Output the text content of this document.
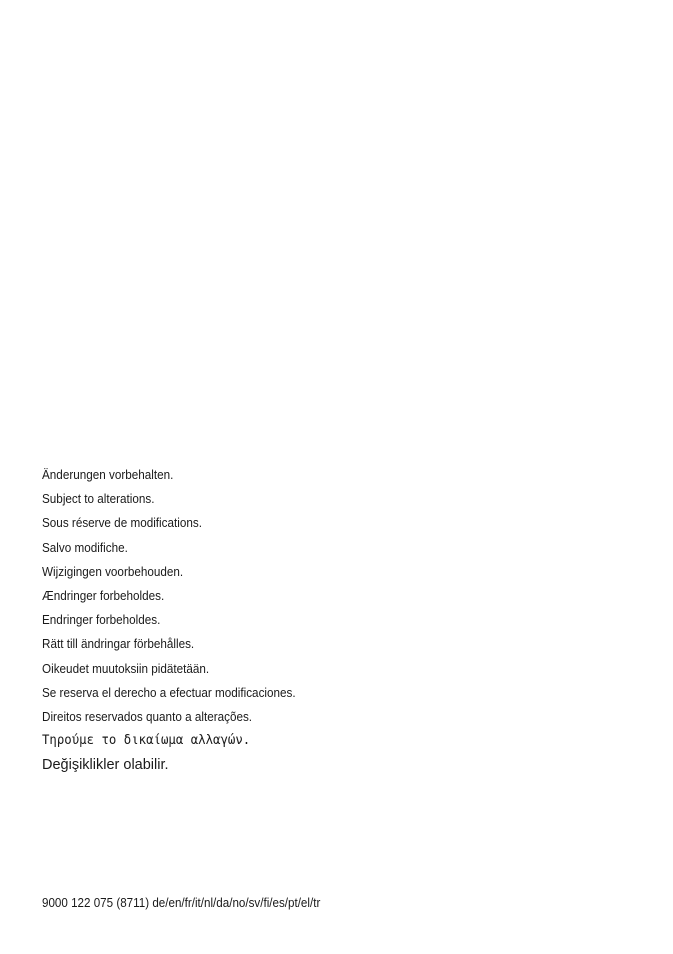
Änderungen vorbehalten.
Subject to alterations.
Sous réserve de modifications.
Salvo modifiche.
Wijzigingen voorbehouden.
Ændringer forbeholdes.
Endringer forbeholdes.
Rätt till ändringar förbehålles.
Oikeudet muutoksiin pidätetään.
Se reserva el derecho a efectuar modificaciones.
Direitos reservados quanto a alterações.
Τηρούμε το δικαίωμα αλλαγών.
Değişiklikler olabilir.
9000 122 075 (8711) de/en/fr/it/nl/da/no/sv/fi/es/pt/el/tr
